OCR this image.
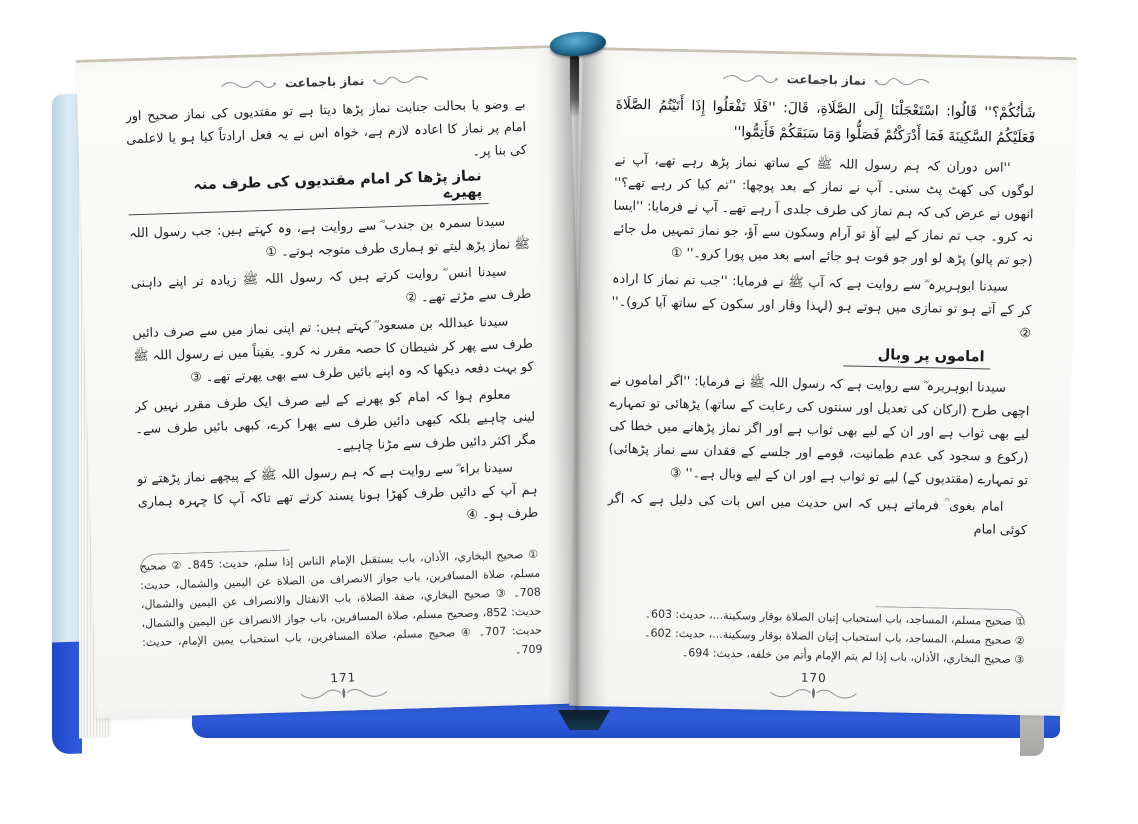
نماز باجماعت

بے وضو یا بحالت جنابت نماز پڑھا دیتا ہے تو مقتدیوں کی نماز صحیح اور امام پر نماز کا اعادہ لازم ہے، خواہ اس نے یہ فعل ارادتاً کیا ہو یا لاعلمی کی بنا پر۔

نماز پڑھا کر امام مقتدیوں کی طرف منہ پھیرے

سیدنا سمرہ بن جندب ؓ سے روایت ہے، وہ کہتے ہیں: جب رسول اللہ ﷺ نماز پڑھ لیتے تو ہماری طرف متوجہ ہوتے۔ ①

سیدنا انس ؓ روایت کرتے ہیں کہ رسول اللہ ﷺ زیادہ تر اپنے داہنی طرف سے مڑتے تھے۔ ②

سیدنا عبداللہ بن مسعود ؓ کہتے ہیں: تم اپنی نماز میں سے صرف دائیں طرف سے پھر کر شیطان کا حصہ مقرر نہ کرو۔ یقیناً میں نے رسول اللہ ﷺ کو بہت دفعہ دیکھا کہ وہ اپنے بائیں طرف سے بھی پھرتے تھے۔ ③

معلوم ہوا کہ امام کو پھرنے کے لیے صرف ایک طرف مقرر نہیں کر لینی چاہیے بلکہ کبھی دائیں طرف سے پھرا کرے، کبھی بائیں طرف سے۔ مگر اکثر دائیں طرف سے مڑنا چاہیے۔

سیدنا براء ؓ سے روایت ہے کہ ہم رسول اللہ ﷺ کے پیچھے نماز پڑھتے تو ہم آپ کے دائیں طرف کھڑا ہونا پسند کرتے تھے تاکہ آپ کا چہرہ ہماری طرف ہو۔ ④

① صحيح البخاري، الأذان، باب يستقبل الإمام الناس إذا سلم، حديث: 845۔ ② صحيح مسلم، صلاة المسافرين، باب جواز الانصراف من الصلاة عن اليمين والشمال، حديث: 708۔ ③ صحيح البخاري، صفة الصلاة، باب الانفتال والانصراف عن اليمين والشمال، حديث: 852، وصحيح مسلم، صلاة المسافرين، باب جواز الانصراف عن اليمين والشمال، حديث: 707۔ ④ صحيح مسلم، صلاة المسافرين، باب استحباب يمين الإمام، حديث: 709۔
171
نماز باجماعت

شَأْنُكُمْ؟'' قَالُوا: اسْتَعْجَلْنَا إِلَى الصَّلَاةِ، قَالَ: ''فَلَا تَفْعَلُوا إِذَا أَتَيْتُمُ الصَّلَاةَ فَعَلَيْكُمُ السَّكِينَةَ فَمَا أَدْرَكْتُمْ فَصَلُّوا وَمَا سَبَقَكُمْ فَأَتِمُّوا''

''اس دوران کہ ہم رسول اللہ ﷺ کے ساتھ نماز پڑھ رہے تھے، آپ نے لوگوں کی کھٹ پٹ سنی۔ آپ نے نماز کے بعد پوچھا: ''تم کیا کر رہے تھے؟'' انھوں نے عرض کی کہ ہم نماز کی طرف جلدی آ رہے تھے۔ آپ نے فرمایا: ''ایسا نہ کرو۔ جب تم نماز کے لیے آؤ تو آرام وسکون سے آؤ، جو نماز تمہیں مل جائے (جو تم پالو) پڑھ لو اور جو فوت ہو جائے اسے بعد میں پورا کرو۔'' ①

سیدنا ابوہریرہ ؓ سے روایت ہے کہ آپ ﷺ نے فرمایا: ''جب تم نماز کا ارادہ کر کے آتے ہو تو نمازی میں ہوتے ہو (لہذا وقار اور سکون کے ساتھ آیا کرو)۔'' ②

اماموں پر وبال

سیدنا ابوہریرہ ؓ سے روایت ہے کہ رسول اللہ ﷺ نے فرمایا: ''اگر اماموں نے اچھی طرح (ارکان کی تعدیل اور سنتوں کی رعایت کے ساتھ) پڑھائی تو تمہارے لیے بھی ثواب ہے اور ان کے لیے بھی ثواب ہے اور اگر نماز پڑھانے میں خطا کی (رکوع و سجود کی عدم طمانیت، قومے اور جلسے کے فقدان سے نماز پڑھائی) تو تمہارے (مقتدیوں کے) لیے تو ثواب ہے اور ان کے لیے وبال ہے۔'' ③

امام بغوی ؒ فرماتے ہیں کہ اس حدیث میں اس بات کی دلیل ہے کہ اگر کوئی امام

① صحيح مسلم، المساجد، باب استحباب إتيان الصلاة بوقار وسكينة...، حديث: 603۔
② صحيح مسلم، المساجد، باب استحباب إتيان الصلاة بوقار وسكينة...، حديث: 602۔
③ صحيح البخاري، الأذان، باب إذا لم يتم الإمام وأتم من خلفه، حديث: 694۔
170
